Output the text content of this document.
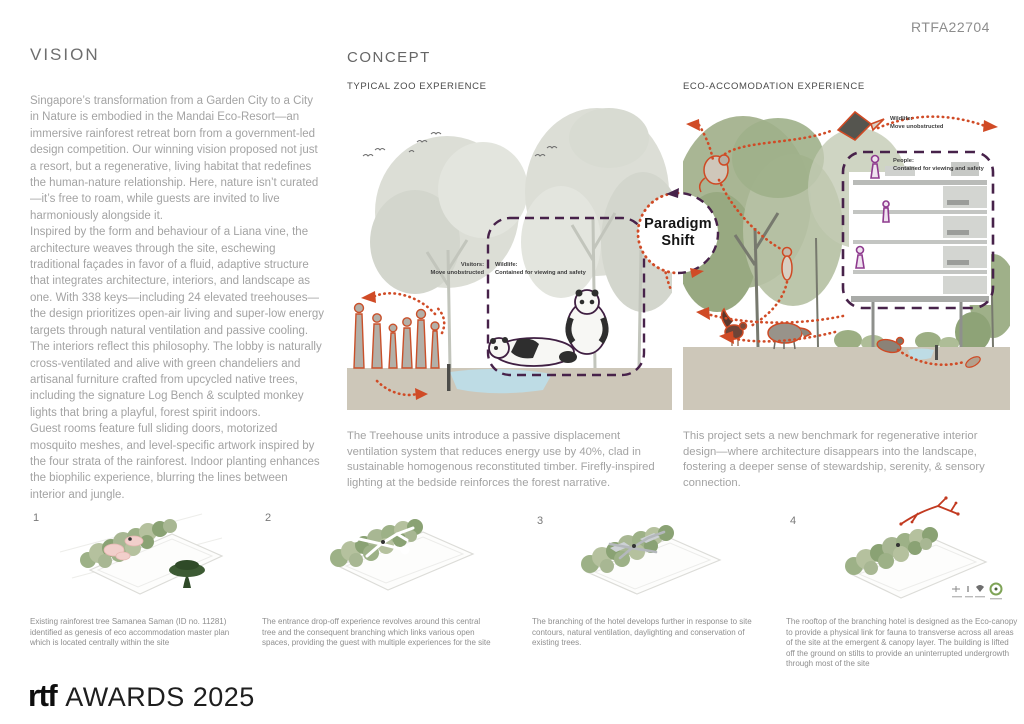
RTFA22704
VISION

Singapore’s transformation from a Garden City to a City in Nature is embodied in the Mandai Eco-Resort—an immersive rainforest retreat born from a government-led design competition. Our winning vision proposed not just a resort, but a regenerative, living habitat that redefines the human-nature relationship. Here, nature isn’t curated—it’s free to roam, while guests are invited to live harmoniously alongside it.

Inspired by the form and behaviour of a Liana vine, the architecture weaves through the site, eschewing traditional façades in favor of a fluid, adaptive structure that integrates architecture, interiors, and landscape as one. With 338 keys—including 24 elevated treehouses—the design prioritizes open-air living and super-low energy targets through natural ventilation and passive cooling.

The interiors reflect this philosophy. The lobby is naturally cross-ventilated and alive with green chandeliers and artisanal furniture crafted from upcycled native trees, including the signature Log Bench & sculpted monkey lights that bring a playful, forest spirit indoors.

Guest rooms feature full sliding doors, motorized mosquito meshes, and level-specific artwork inspired by the four strata of the rainforest. Indoor planting enhances the biophilic experience, blurring the lines between interior and jungle.

CONCEPT
TYPICAL ZOO EXPERIENCE	ECO-ACCOMODATION EXPERIENCE
Visitors:
Move unobstructed
Wildlife:
Contained for viewing and safety
Wildlife:
Move unobstructed
People:
Contained for viewing and safety
Paradigm
Shift
The Treehouse units introduce a passive displacement ventilation system that reduces energy use by 40%, clad in sustainable homogenous reconstituted timber. Firefly-inspired lighting at the bedside reinforces the forest narrative.
This project sets a new benchmark for regenerative interior design—where architecture disappears into the landscape, fostering a deeper sense of stewardship, serenity, & sensory connection.
1	2	3	4
Existing rainforest tree Samanea Saman (ID no. 11281) identified as genesis of eco accommodation master plan which is located centrally within the site
The entrance drop-off experience revolves around this central tree and the consequent branching which links various open spaces, providing the guest with multiple experiences for the site
The branching of the hotel develops further in response to site contours, natural ventilation, daylighting and conservation of existing trees.
The rooftop of the branching hotel is designed as the Eco-canopy to provide a physical link for fauna to transverse across all areas of the site at the emergent & canopy layer. The building is lifted off the ground on stilts to provide an uninterrupted undergrowth through most of the site
rtf AWARDS 2025
